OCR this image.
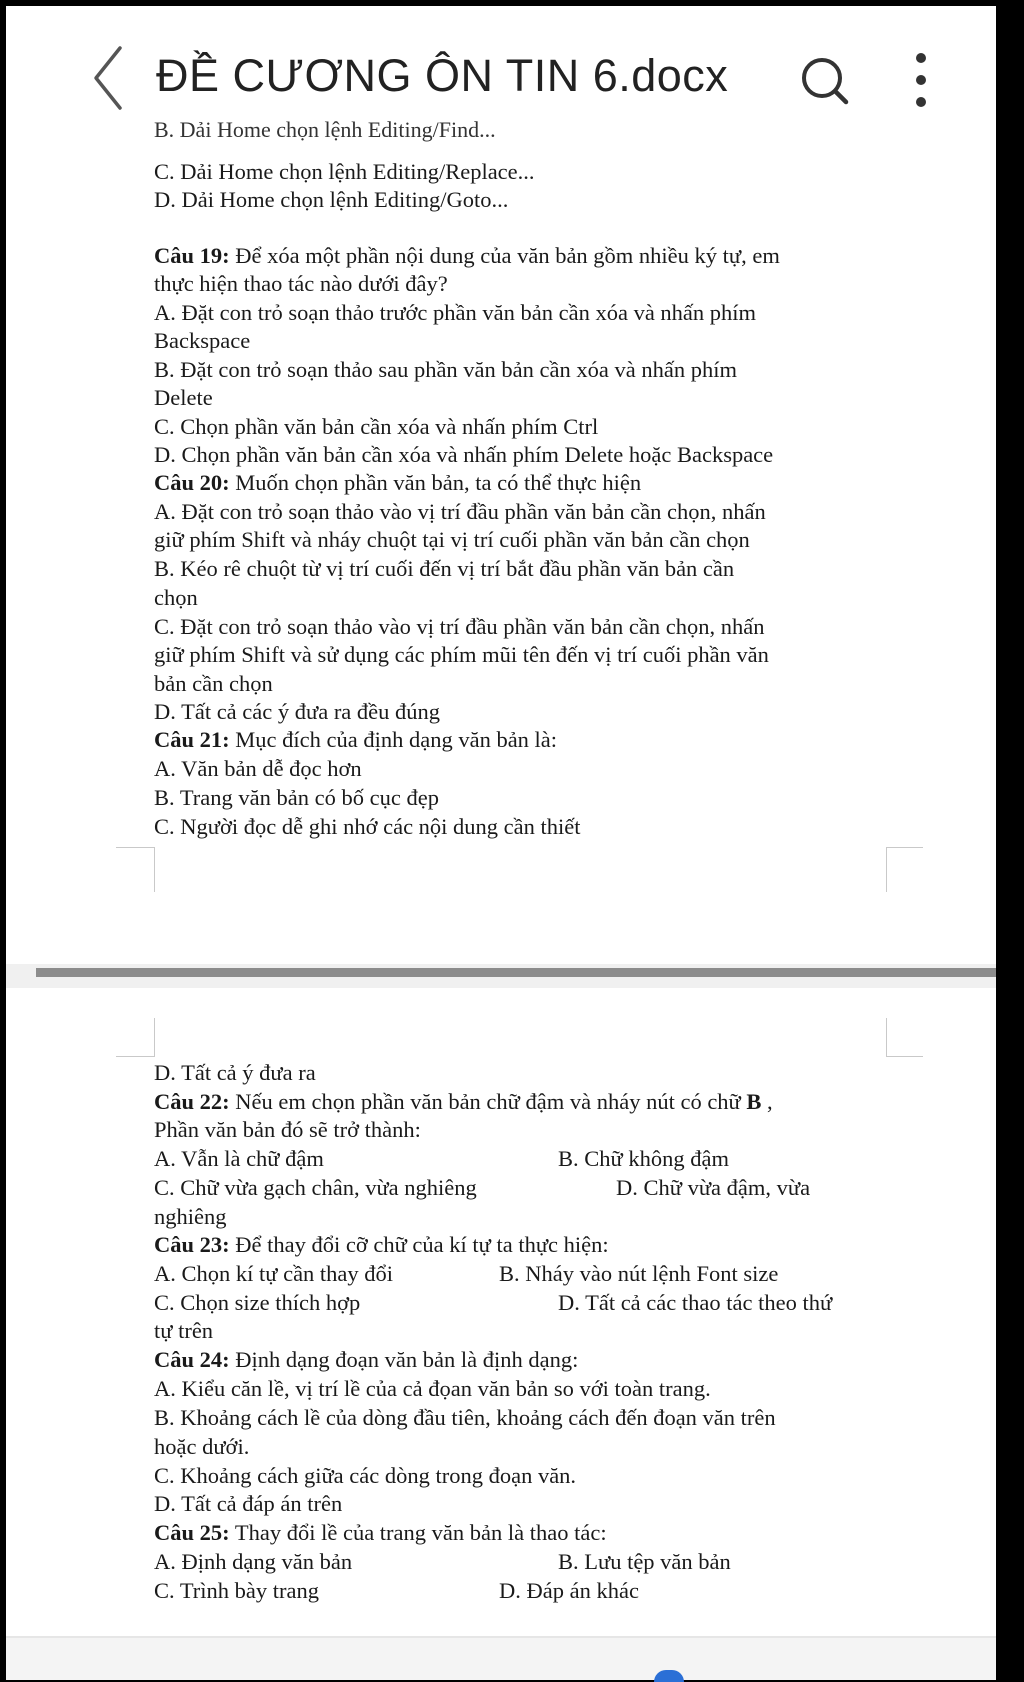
ĐỀ CƯƠNG ÔN TIN 6.docx
B. Dải Home chọn lệnh Editing/Find...
C. Dải Home chọn lệnh Editing/Replace...
D. Dải Home chọn lệnh Editing/Goto...
Câu 19: Để xóa một phần nội dung của văn bản gồm nhiều ký tự, em
thực hiện thao tác nào dưới đây?
A. Đặt con trỏ soạn thảo trước phần văn bản cần xóa và nhấn phím
Backspace
B. Đặt con trỏ soạn thảo sau phần văn bản cần xóa và nhấn phím
Delete
C. Chọn phần văn bản cần xóa và nhấn phím Ctrl
D. Chọn phần văn bản cần xóa và nhấn phím Delete hoặc Backspace
Câu 20: Muốn chọn phần văn bản, ta có thể thực hiện
A. Đặt con trỏ soạn thảo vào vị trí đầu phần văn bản cần chọn, nhấn
giữ phím Shift và nháy chuột tại vị trí cuối phần văn bản cần chọn
B. Kéo rê chuột từ vị trí cuối đến vị trí bắt đầu phần văn bản cần
chọn
C. Đặt con trỏ soạn thảo vào vị trí đầu phần văn bản cần chọn, nhấn
giữ phím Shift và sử dụng các phím mũi tên đến vị trí cuối phần văn
bản cần chọn
D. Tất cả các ý đưa ra đều đúng
Câu 21: Mục đích của định dạng văn bản là:
A. Văn bản dễ đọc hơn
B. Trang văn bản có bố cục đẹp
C. Người đọc dễ ghi nhớ các nội dung cần thiết
D. Tất cả ý đưa ra
Câu 22: Nếu em chọn phần văn bản chữ đậm và nháy nút có chữ B ,
Phần văn bản đó sẽ trở thành:
A. Vẫn là chữ đậm	B. Chữ không đậm
C. Chữ vừa gạch chân, vừa nghiêng	D. Chữ vừa đậm, vừa
nghiêng
Câu 23: Để thay đổi cỡ chữ của kí tự ta thực hiện:
A. Chọn kí tự cần thay đổi	B. Nháy vào nút lệnh Font size
C. Chọn size thích hợp	D. Tất cả các thao tác theo thứ
tự trên
Câu 24: Định dạng đoạn văn bản là định dạng:
A. Kiểu căn lề, vị trí lề của cả đọan văn bản so với toàn trang.
B. Khoảng cách lề của dòng đầu tiên, khoảng cách đến đoạn văn trên
hoặc dưới.
C. Khoảng cách giữa các dòng trong đoạn văn.
D. Tất cả đáp án trên
Câu 25: Thay đổi lề của trang văn bản là thao tác:
A. Định dạng văn bản	B. Lưu tệp văn bản
C. Trình bày trang	D. Đáp án khác
